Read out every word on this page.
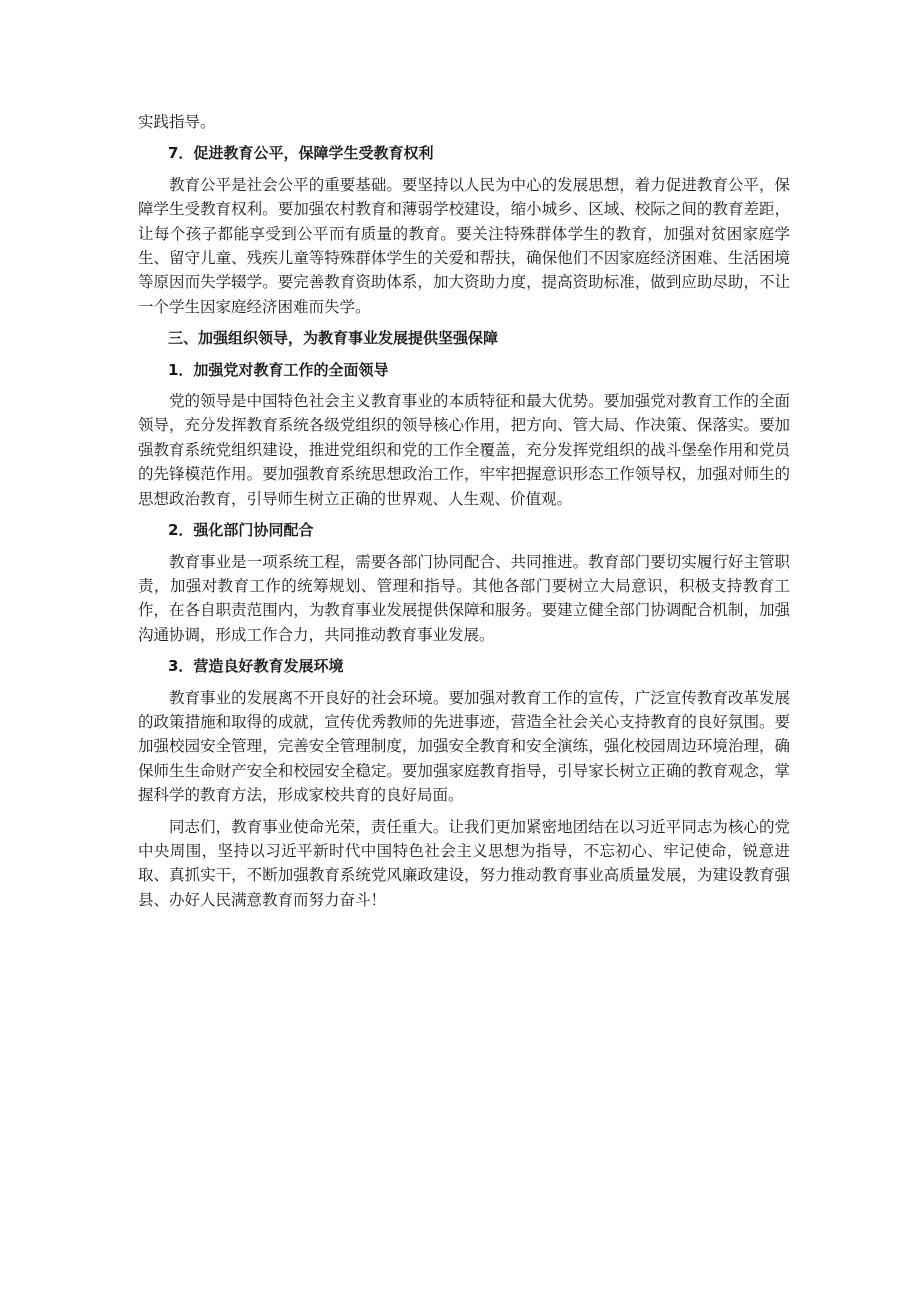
实践指导。

7．促进教育公平，保障学生受教育权利

教育公平是社会公平的重要基础。要坚持以人民为中心的发展思想，着力促进教育公平，保障学生受教育权利。要加强农村教育和薄弱学校建设，缩小城乡、区域、校际之间的教育差距，让每个孩子都能享受到公平而有质量的教育。要关注特殊群体学生的教育，加强对贫困家庭学生、留守儿童、残疾儿童等特殊群体学生的关爱和帮扶，确保他们不因家庭经济困难、生活困境等原因而失学辍学。要完善教育资助体系，加大资助力度，提高资助标准，做到应助尽助，不让一个学生因家庭经济困难而失学。

三、加强组织领导，为教育事业发展提供坚强保障

1．加强党对教育工作的全面领导

党的领导是中国特色社会主义教育事业的本质特征和最大优势。要加强党对教育工作的全面领导，充分发挥教育系统各级党组织的领导核心作用，把方向、管大局、作决策、保落实。要加强教育系统党组织建设，推进党组织和党的工作全覆盖，充分发挥党组织的战斗堡垒作用和党员的先锋模范作用。要加强教育系统思想政治工作，牢牢把握意识形态工作领导权，加强对师生的思想政治教育，引导师生树立正确的世界观、人生观、价值观。

2．强化部门协同配合

教育事业是一项系统工程，需要各部门协同配合、共同推进。教育部门要切实履行好主管职责，加强对教育工作的统筹规划、管理和指导。其他各部门要树立大局意识，积极支持教育工作，在各自职责范围内，为教育事业发展提供保障和服务。要建立健全部门协调配合机制，加强沟通协调，形成工作合力，共同推动教育事业发展。

3．营造良好教育发展环境

教育事业的发展离不开良好的社会环境。要加强对教育工作的宣传，广泛宣传教育改革发展的政策措施和取得的成就，宣传优秀教师的先进事迹，营造全社会关心支持教育的良好氛围。要加强校园安全管理，完善安全管理制度，加强安全教育和安全演练，强化校园周边环境治理，确保师生生命财产安全和校园安全稳定。要加强家庭教育指导，引导家长树立正确的教育观念，掌握科学的教育方法，形成家校共育的良好局面。

同志们，教育事业使命光荣，责任重大。让我们更加紧密地团结在以习近平同志为核心的党中央周围，坚持以习近平新时代中国特色社会主义思想为指导，不忘初心、牢记使命，锐意进取、真抓实干，不断加强教育系统党风廉政建设，努力推动教育事业高质量发展，为建设教育强县、办好人民满意教育而努力奋斗！
